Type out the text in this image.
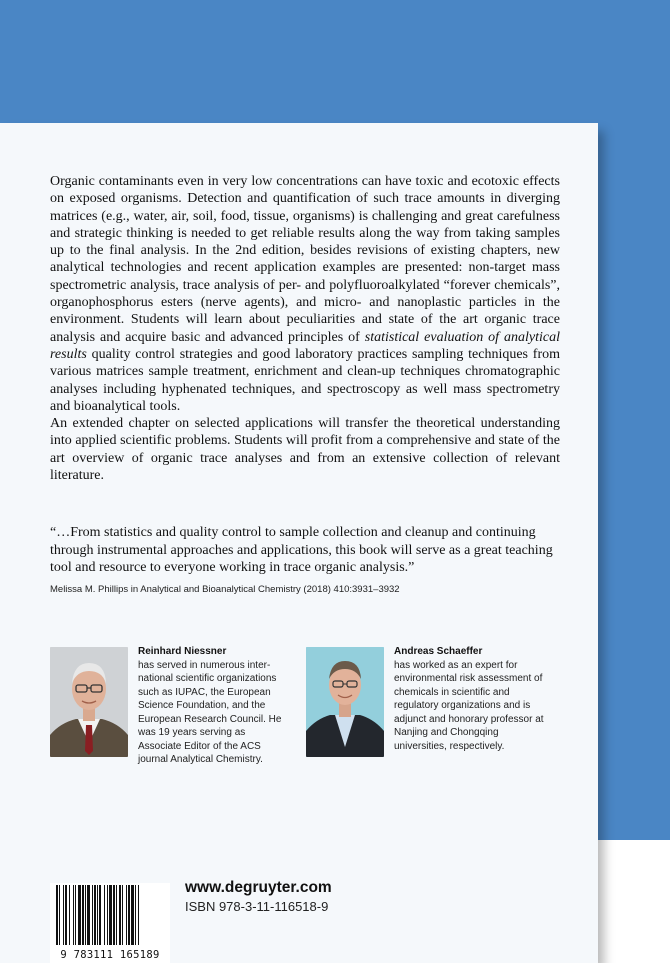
Organic contaminants even in very low concentrations can have toxic and ecotoxic effects on exposed organisms. Detection and quantification of such trace amounts in diverging matrices (e.g., water, air, soil, food, tissue, organisms) is challenging and great carefulness and strategic thinking is needed to get reliable results along the way from taking samples up to the final analysis. In the 2nd edition, besides revisions of existing chapters, new analytical technologies and recent application examples are presented: non-target mass spectrometric analysis, trace analysis of per- and polyfluoroalkylated “forever chemicals”, organophosphorus esters (nerve agents), and micro- and nanoplastic particles in the environment. Students will learn about peculiarities and state of the art organic trace analysis and acquire basic and advanced principles of statistical evaluation of analytical results quality control strategies and good laboratory practices sampling techniques from various matrices sample treatment, enrichment and clean-up techniques chromatographic analyses including hyphenated techniques, and spectroscopy as well mass spectrometry and bioanalytical tools.

An extended chapter on selected applications will transfer the theoretical understanding into applied scientific problems. Students will profit from a comprehensive and state of the art overview of organic trace analyses and from an extensive collection of relevant literature.

“…From statistics and quality control to sample collection and cleanup and continuing through instrumental approaches and applications, this book will serve as a great teaching tool and resource to everyone working in trace organic analysis.”
Melissa M. Phillips in Analytical and Bioanalytical Chemistry (2018) 410:3931–3932
Reinhard Niessner
has served in numerous international scientific organizations such as IUPAC, the European Science Foundation, and the European Research Council. He was 19 years serving as Associate Editor of the ACS journal Analytical Chemistry.
Andreas Schaeffer
has worked as an expert for environmental risk assessment of chemicals in scientific and regulatory organizations and is adjunct and honorary professor at Nanjing and Chongqing universities, respectively.
9 783111 165189
www.degruyter.com
ISBN 978-3-11-116518-9
